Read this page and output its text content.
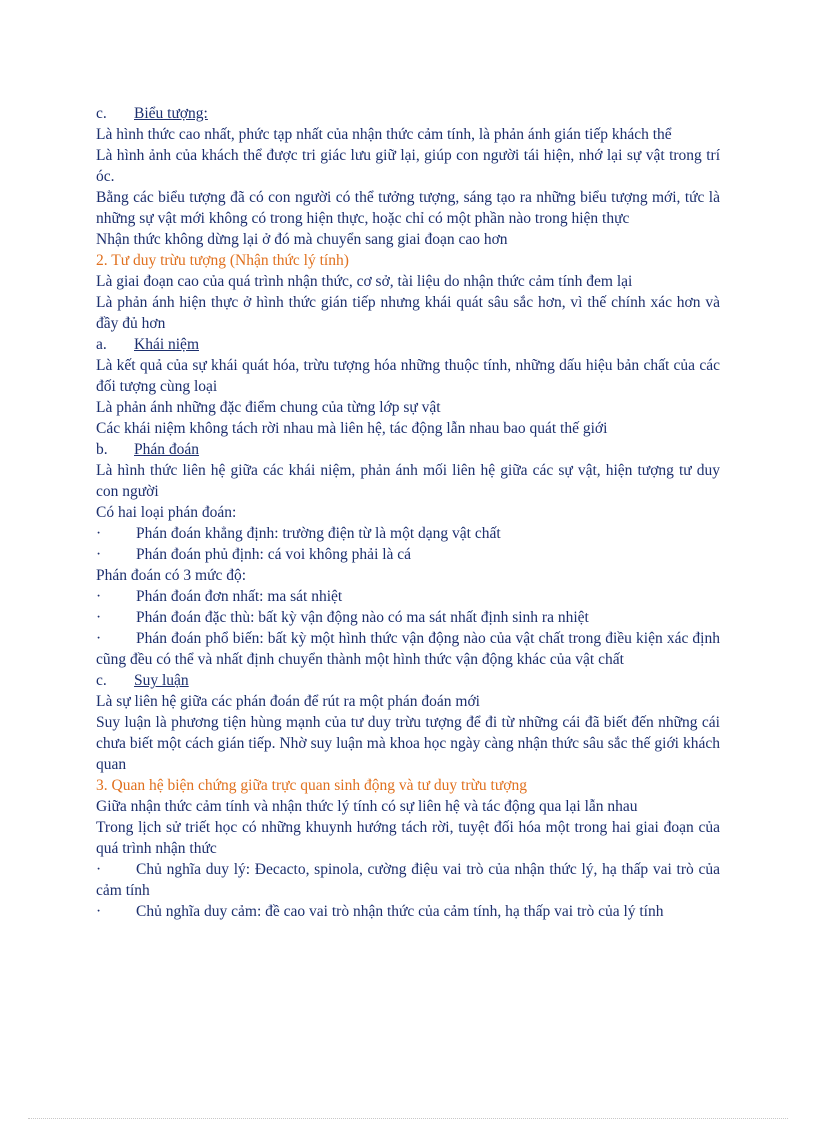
c.	Biểu tượng:

Là hình thức cao nhất, phức tạp nhất của nhận thức cảm tính, là phản ánh gián tiếp khách thể

Là hình ảnh của khách thể được tri giác lưu giữ lại, giúp con người tái hiện, nhớ lại sự vật trong trí óc.

Bằng các biểu tượng đã có con người có thể tưởng tượng, sáng tạo ra những biểu tượng mới, tức là những sự vật mới không có trong hiện thực, hoặc chỉ có một phần nào trong hiện thực

Nhận thức không dừng lại ở đó mà chuyển sang giai đoạn cao hơn

2. Tư duy trừu tượng (Nhận thức lý tính)

Là giai đoạn cao của quá trình nhận thức, cơ sở, tài liệu do nhận thức cảm tính đem lại

Là phản ánh hiện thực ở hình thức gián tiếp nhưng khái quát sâu sắc hơn, vì thế chính xác hơn và đầy đủ hơn

a.	Khái niệm

Là kết quả của sự khái quát hóa, trừu tượng hóa những thuộc tính, những dấu hiệu bản chất của các đối tượng cùng loại

Là phản ánh những đặc điểm chung của từng lớp sự vật

Các khái niệm không tách rời nhau mà liên hệ, tác động lẫn nhau bao quát thế giới

b.	Phán đoán

Là hình thức liên hệ giữa các khái niệm, phản ánh mối liên hệ giữa các sự vật, hiện tượng tư duy con người

Có hai loại phán đoán:

·	Phán đoán khẳng định: trường điện từ là một dạng vật chất

·	Phán đoán phủ định: cá voi không phải là cá

Phán đoán có 3 mức độ:

·	Phán đoán đơn nhất: ma sát nhiệt

·	Phán đoán đặc thù: bất kỳ vận động nào có ma sát nhất định sinh ra nhiệt

· Phán đoán phổ biến: bất kỳ một hình thức vận động nào của vật chất trong điều kiện xác định cũng đều có thể và nhất định chuyển thành một hình thức vận động khác của vật chất

c.	Suy luận

Là sự liên hệ giữa các phán đoán để rút ra một phán đoán mới

Suy luận là phương tiện hùng mạnh của tư duy trừu tượng để đi từ những cái đã biết đến những cái chưa biết một cách gián tiếp. Nhờ suy luận mà khoa học ngày càng nhận thức sâu sắc thế giới khách quan

3. Quan hệ biện chứng giữa trực quan sinh động và tư duy trừu tượng

Giữa nhận thức cảm tính và nhận thức lý tính có sự liên hệ và tác động qua lại lẫn nhau

Trong lịch sử triết học có những khuynh hướng tách rời, tuyệt đối hóa một trong hai giai đoạn của quá trình nhận thức

· Chủ nghĩa duy lý: Đecacto, spinola, cường điệu vai trò của nhận thức lý, hạ thấp vai trò của cảm tính

· Chủ nghĩa duy cảm: đề cao vai trò nhận thức của cảm tính, hạ thấp vai trò của lý tính
